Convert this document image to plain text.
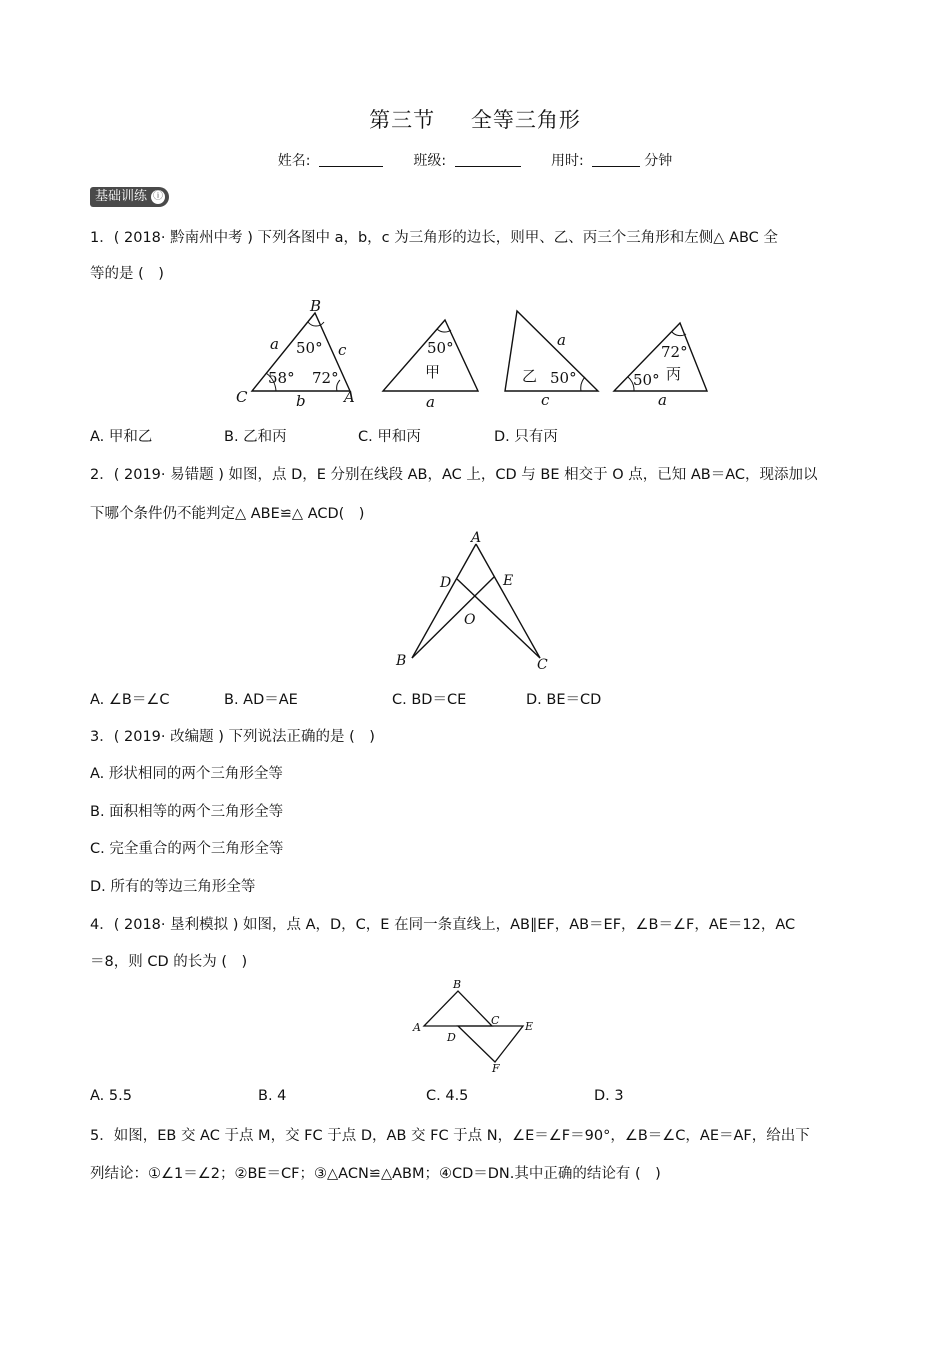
第三节 全等三角形
姓名:	班级:	用时:	分钟
基础训练 ⓘ
1．( 2018· 黔南州中考 ) 下列各图中 a，b，c 为三角形的边长，则甲、乙、丙三个三角形和左侧△ ABC 全
等的是 (　)
B
C	A
a
b
c
50°
58° 72°
50°
甲
a
a
乙 50°
c
72°
丙
50°
a
A. 甲和乙	B. 乙和丙	C. 甲和丙	D. 只有丙
2．( 2019· 易错题 ) 如图，点 D，E 分别在线段 AB，AC 上，CD 与 BE 相交于 O 点，已知 AB＝AC，现添加以
下哪个条件仍不能判定△ ABE≌△ ACD(　)
A
D	E
O
B	C
A. ∠B＝∠C	B. AD＝AE	C. BD＝CE	D. BE＝CD
3．( 2019· 改编题 ) 下列说法正确的是 (　)
A. 形状相同的两个三角形全等
B. 面积相等的两个三角形全等
C. 完全重合的两个三角形全等
D. 所有的等边三角形全等
4．( 2018· 垦利模拟 ) 如图，点 A，D，C，E 在同一条直线上，AB∥EF，AB＝EF，∠B＝∠F，AE＝12，AC
＝8，则 CD 的长为 (　)
A
B
C
D
E
F
A. 5.5	B. 4	C. 4.5	D. 3
5．如图，EB 交 AC 于点 M，交 FC 于点 D，AB 交 FC 于点 N，∠E＝∠F＝90°，∠B＝∠C，AE＝AF，给出下
列结论：①∠1＝∠2；②BE＝CF；③△ACN≌△ABM；④CD＝DN.其中正确的结论有 (　)
